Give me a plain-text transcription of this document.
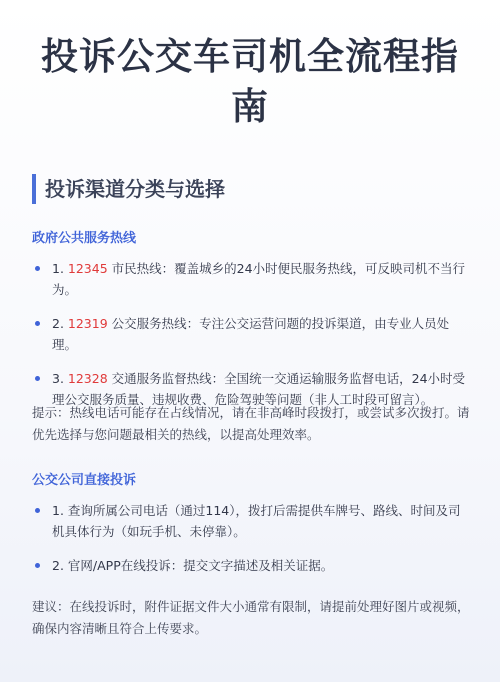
投诉公交车司机全流程指南
投诉渠道分类与选择
政府公共服务热线
1. 12345 市民热线：覆盖城乡的24小时便民服务热线，可反映司机不当行为。
2. 12319 公交服务热线：专注公交运营问题的投诉渠道，由专业人员处理。
3. 12328 交通服务监督热线：全国统一交通运输服务监督电话，24小时受理公交服务质量、违规收费、危险驾驶等问题（非人工时段可留言）。

提示：热线电话可能存在占线情况，请在非高峰时段拨打，或尝试多次拨打。请优先选择与您问题最相关的热线，以提高处理效率。

公交公司直接投诉
1. 查询所属公司电话（通过114），拨打后需提供车牌号、路线、时间及司机具体行为（如玩手机、未停靠）。
2. 官网/APP在线投诉：提交文字描述及相关证据。

建议：在线投诉时，附件证据文件大小通常有限制，请提前处理好图片或视频，确保内容清晰且符合上传要求。
